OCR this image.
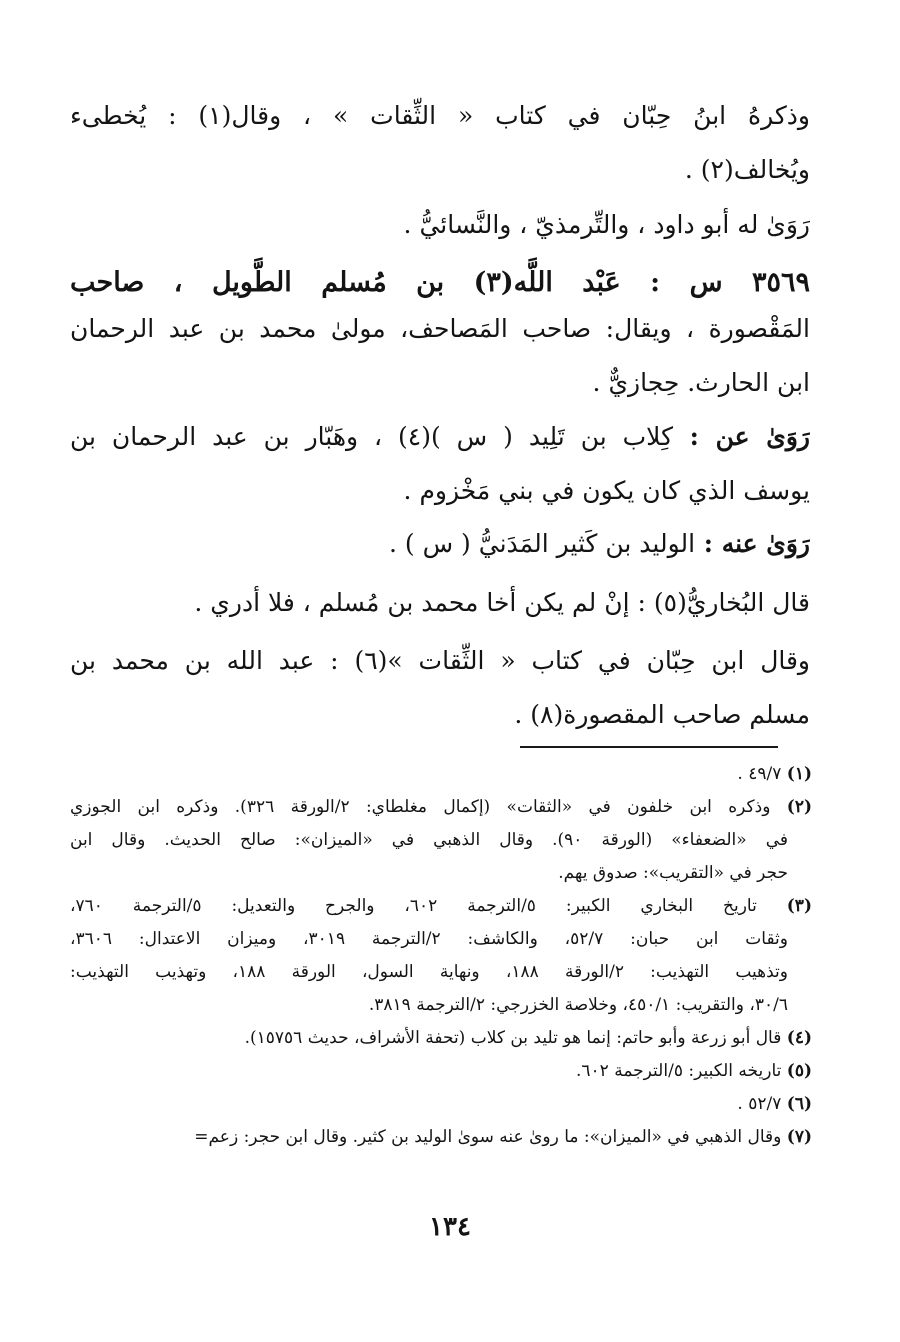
وذكرهُ ابنُ حِبّان في كتاب « الثِّقات » ، وقال(١) : يُخطىء
ويُخالف(٢) .
رَوَىٰ له أبو داود ، والتِّرمذيّ ، والنَّسائيُّ .
٣٥٦٩ س : عَبْد اللَّه(٣) بن مُسلم الطَّويل ، صاحب
المَقْصورة ، ويقال: صاحب المَصاحف، مولىٰ محمد بن عبد الرحمان
ابن الحارث. حِجازيٌّ .
رَوَىٰ عن : كِلاب بن تَلِيد ( س )(٤) ، وهَبّار بن عبد الرحمان بن
يوسف الذي كان يكون في بني مَخْزوم .
رَوَىٰ عنه : الوليد بن كَثير المَدَنيُّ ( س ) .
قال البُخاريُّ(٥) : إنْ لم يكن أخا محمد بن مُسلم ، فلا أدري .
وقال ابن حِبّان في كتاب « الثِّقات »(٦) : عبد الله بن محمد بن
مسلم صاحب المقصورة(٨) .
(١) ٤٩/٧ .
(٢) وذكره ابن خلفون في «الثقات» (إكمال مغلطاي: ٢/الورقة ٣٢٦). وذكره ابن الجوزي
في «الضعفاء» (الورقة ٩٠). وقال الذهبي في «الميزان»: صالح الحديث. وقال ابن
حجر في «التقريب»: صدوق يهم.
(٣) تاريخ البخاري الكبير: ٥/الترجمة ٦٠٢، والجرح والتعديل: ٥/الترجمة ٧٦٠،
وثقات ابن حبان: ٥٢/٧، والكاشف: ٢/الترجمة ٣٠١٩، وميزان الاعتدال: ٣٦٠٦،
وتذهيب التهذيب: ٢/الورقة ١٨٨، ونهاية السول، الورقة ١٨٨، وتهذيب التهذيب:
٣٠/٦، والتقريب: ٤٥٠/١، وخلاصة الخزرجي: ٢/الترجمة ٣٨١٩.
(٤) قال أبو زرعة وأبو حاتم: إنما هو تليد بن كلاب (تحفة الأشراف، حديث ١٥٧٥٦).
(٥) تاريخه الكبير: ٥/الترجمة ٦٠٢.
(٦) ٥٢/٧ .
(٧) وقال الذهبي في «الميزان»: ما روىٰ عنه سوىٰ الوليد بن كثير. وقال ابن حجر: زعم=
١٣٤
